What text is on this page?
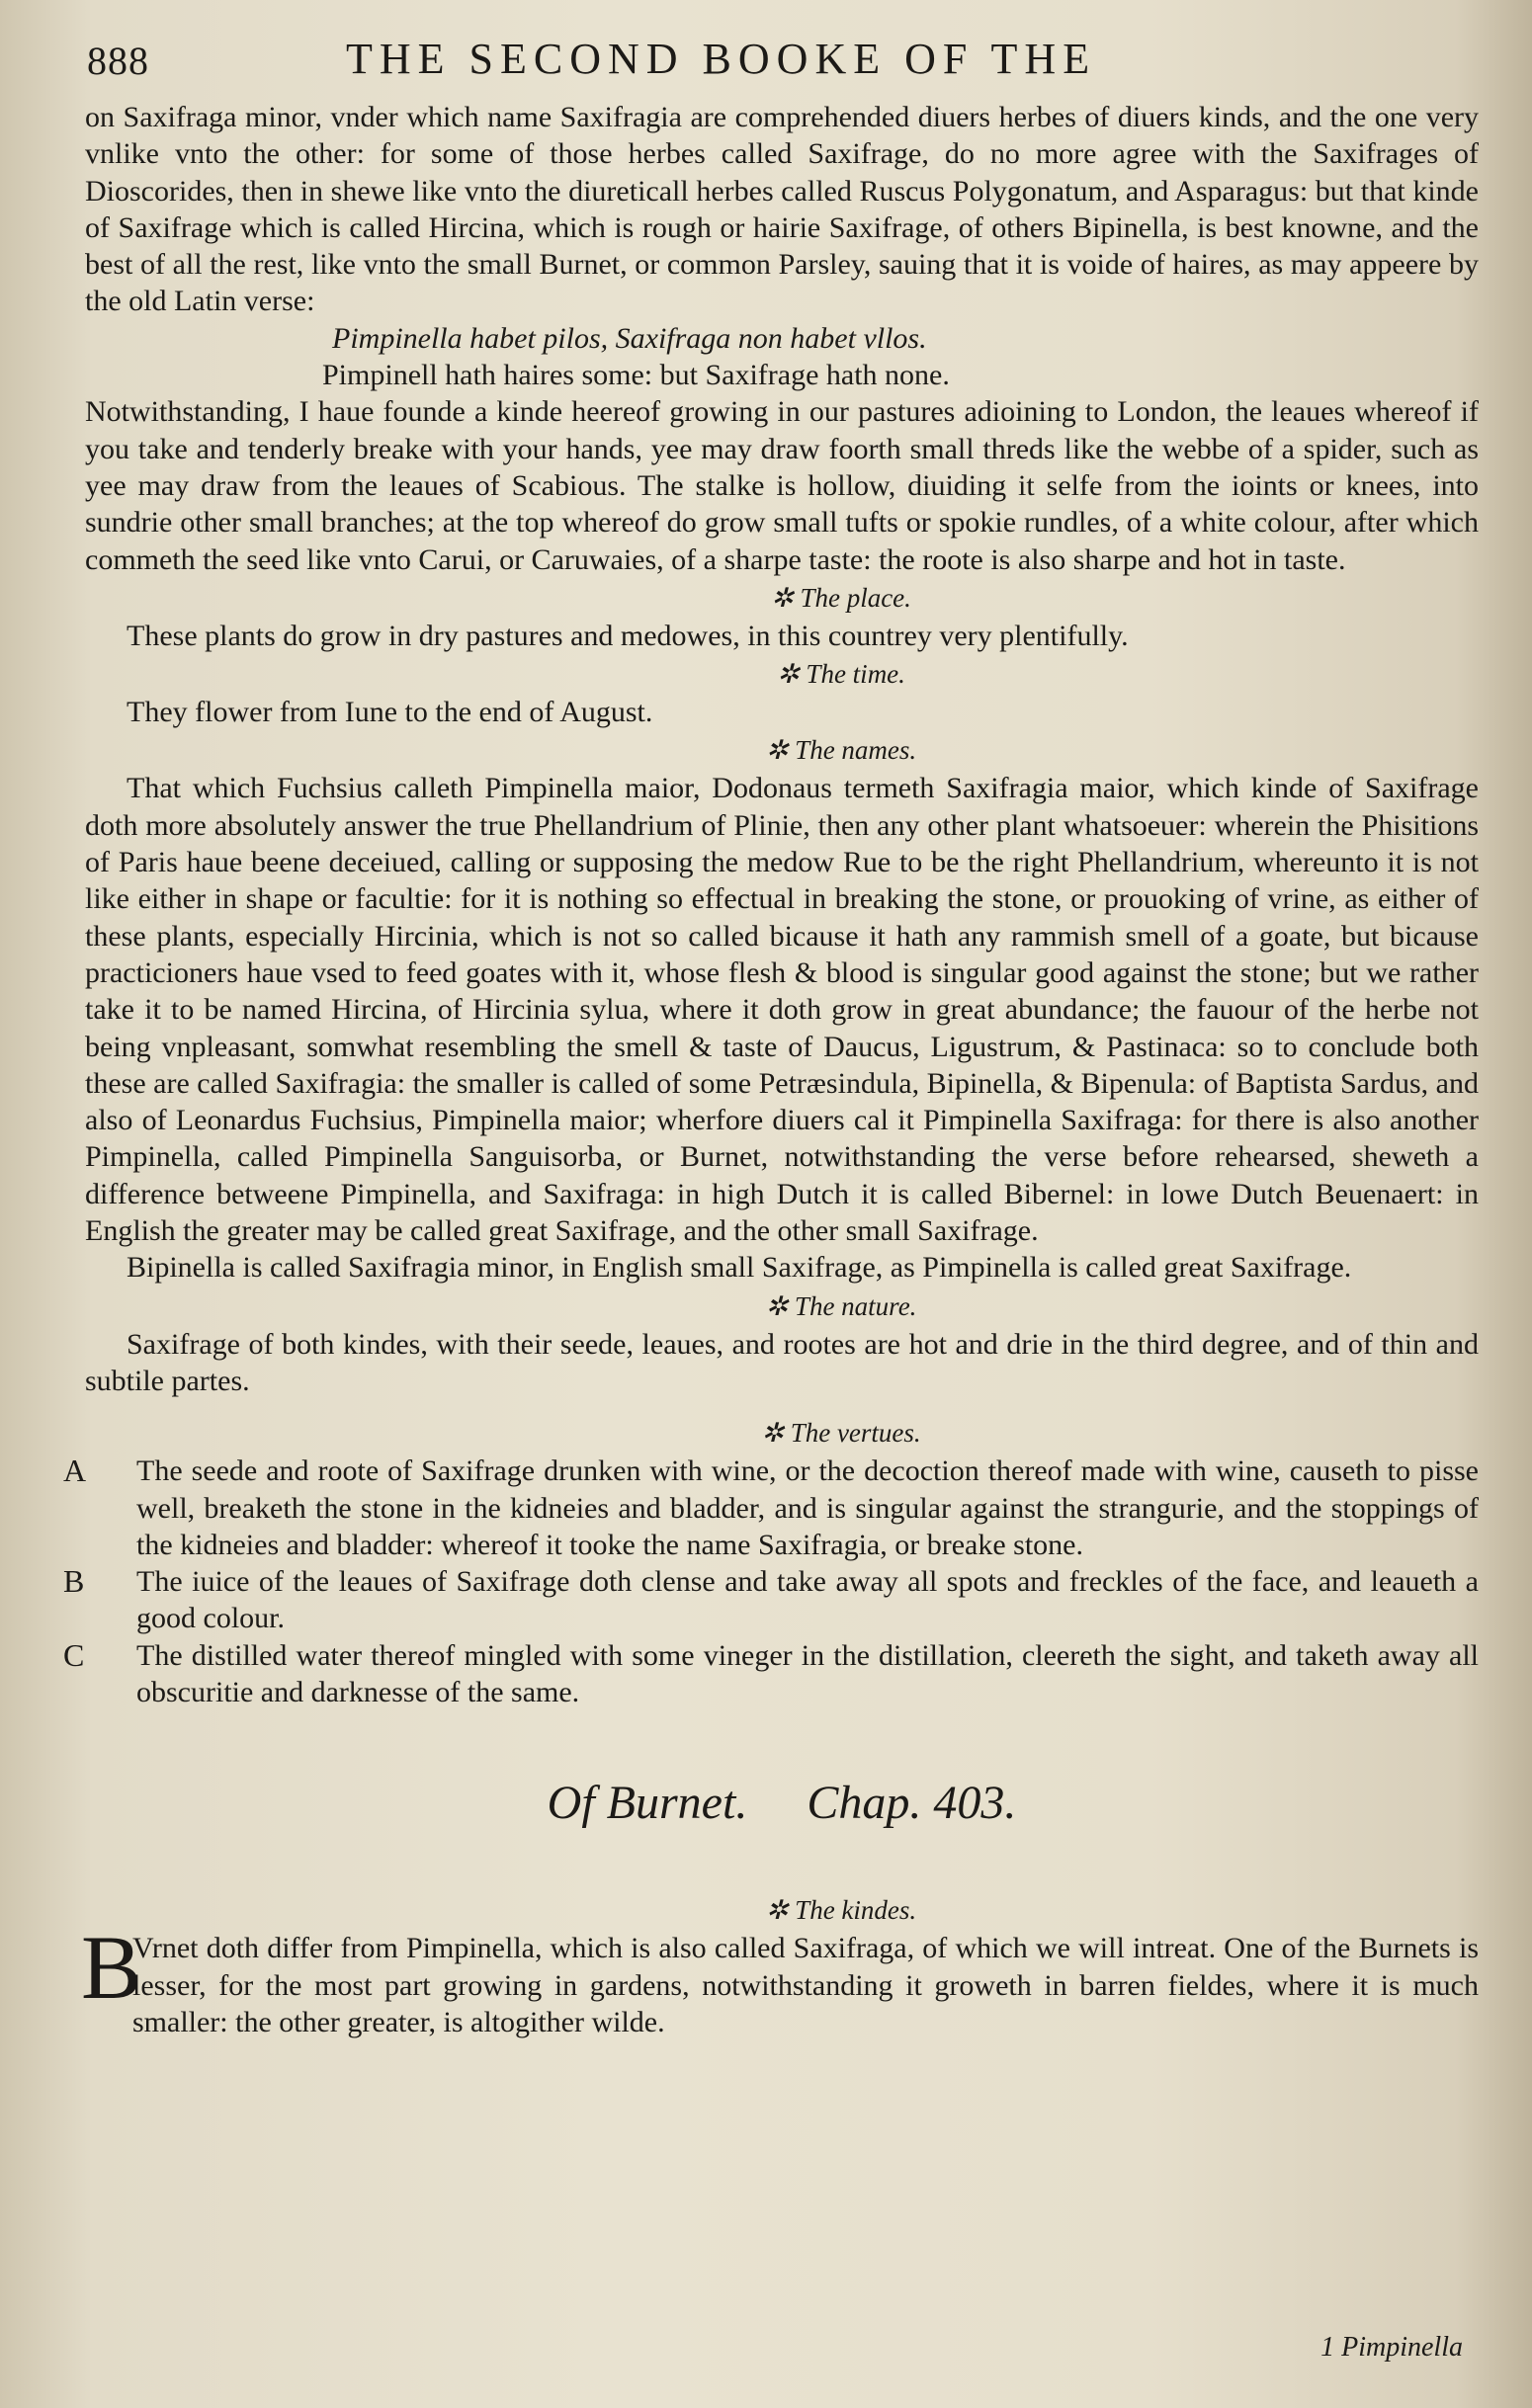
888	THE SECOND BOOKE OF THE

on Saxifraga minor, vnder which name Saxifragia are comprehended diuers herbes of diuers kinds, and the one very vnlike vnto the other: for some of those herbes called Saxifrage, do no more agree with the Saxifrages of Dioscorides, then in shewe like vnto the diureticall herbes called Ruscus Polygonatum, and Asparagus: but that kinde of Saxifrage which is called Hircina, which is rough or hairie Saxifrage, of others Bipinella, is best knowne, and the best of all the rest, like vnto the small Burnet, or common Parsley, sauing that it is voide of haires, as may appeere by the old Latin verse:

Pimpinella habet pilos, Saxifraga non habet vllos.

Pimpinell hath haires some: but Saxifrage hath none.

Notwithstanding, I haue founde a kinde heereof growing in our pastures adioining to London, the leaues whereof if you take and tenderly breake with your hands, yee may draw foorth small threds like the webbe of a spider, such as yee may draw from the leaues of Scabious. The stalke is hollow, diuiding it selfe from the ioints or knees, into sundrie other small branches; at the top whereof do grow small tufts or spokie rundles, of a white colour, after which commeth the seed like vnto Carui, or Caruwaies, of a sharpe taste: the roote is also sharpe and hot in taste.

✲ The place.

These plants do grow in dry pastures and medowes, in this countrey very plentifully.

✲ The time.

They flower from Iune to the end of August.

✲ The names.

That which Fuchsius calleth Pimpinella maior, Dodonaus termeth Saxifragia maior, which kinde of Saxifrage doth more absolutely answer the true Phellandrium of Plinie, then any other plant whatsoeuer: wherein the Phisitions of Paris haue beene deceiued, calling or supposing the medow Rue to be the right Phellandrium, whereunto it is not like either in shape or facultie: for it is nothing so effectual in breaking the stone, or prouoking of vrine, as either of these plants, especially Hircinia, which is not so called bicause it hath any rammish smell of a goate, but bicause practicioners haue vsed to feed goates with it, whose flesh & blood is singular good against the stone; but we rather take it to be named Hircina, of Hircinia sylua, where it doth grow in great abundance; the fauour of the herbe not being vnpleasant, somwhat resembling the smell & taste of Daucus, Ligustrum, & Pastinaca: so to conclude both these are called Saxifragia: the smaller is called of some Petræsindula, Bipinella, & Bipenula: of Baptista Sardus, and also of Leonardus Fuchsius, Pimpinella maior; wherfore diuers cal it Pimpinella Saxifraga: for there is also another Pimpinella, called Pimpinella Sanguisorba, or Burnet, notwithstanding the verse before rehearsed, sheweth a difference betweene Pimpinella, and Saxifraga: in high Dutch it is called Bibernel: in lowe Dutch Beuenaert: in English the greater may be called great Saxifrage, and the other small Saxifrage.

Bipinella is called Saxifragia minor, in English small Saxifrage, as Pimpinella is called great Saxifrage.

✲ The nature.

Saxifrage of both kindes, with their seede, leaues, and rootes are hot and drie in the third degree, and of thin and subtile partes.

✲ The vertues.

A The seede and roote of Saxifrage drunken with wine, or the decoction thereof made with wine, causeth to pisse well, breaketh the stone in the kidneies and bladder, and is singular against the strangurie, and the stoppings of the kidneies and bladder: whereof it tooke the name Saxifragia, or breake stone.

B The iuice of the leaues of Saxifrage doth clense and take away all spots and freckles of the face, and leaueth a good colour.

C The distilled water thereof mingled with some vineger in the distillation, cleereth the sight, and taketh away all obscuritie and darknesse of the same.

Of Burnet. Chap. 403.

✲ The kindes.

B

Vrnet doth differ from Pimpinella, which is also called Saxifraga, of which we will intreat. One of the Burnets is lesser, for the most part growing in gardens, notwithstanding it groweth in barren fieldes, where it is much smaller: the other greater, is altogither wilde.

1 Pimpinella
